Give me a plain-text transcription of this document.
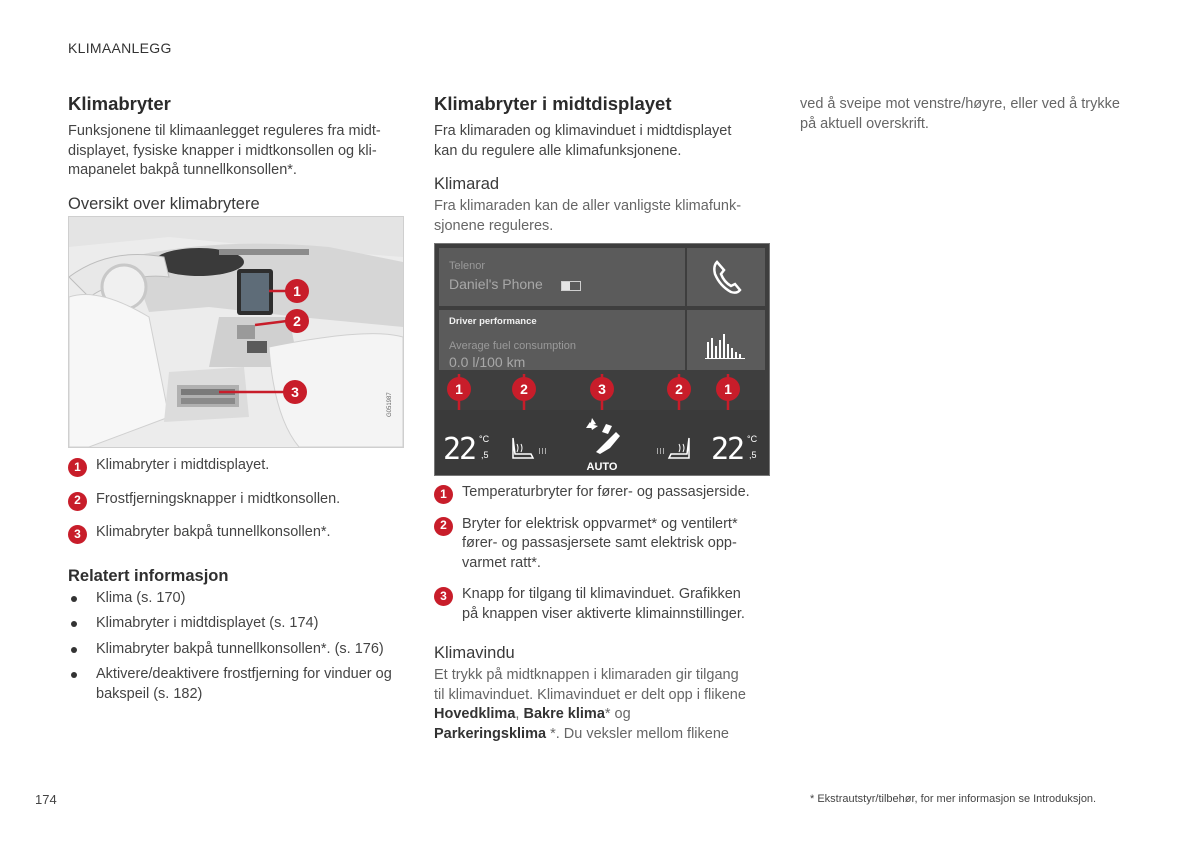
KLIMAANLEGG
Klimabryter

Funksjonene til klimaanlegget reguleres fra midt-

displayet, fysiske knapper i midtkonsollen og kli-

mapanelet bakpå tunnellkonsollen*.

Oversikt over klimabrytere
G051987
1
2
3
1	Klimabryter i midtdisplayet.
2	Frostfjerningsknapper i midtkonsollen.
3	Klimabryter bakpå tunnellkonsollen*.
Relatert informasjon
Klima (s. 170)
Klimabryter i midtdisplayet (s. 174)
Klimabryter bakpå tunnellkonsollen*. (s. 176)
Aktivere/deaktivere frostfjerning for vinduer og bakspeil (s. 182)
Klimabryter i midtdisplayet

Fra klimaraden og klimavinduet i midtdisplayet

kan du regulere alle klimafunksjonene.

Klimarad

Fra klimaraden kan de aller vanligste klimafunk-

sjonene reguleres.

Telenor
Daniel's Phone
Driver performance
Average fuel consumption
0.0 l/100 km
1	2	3	2	1
22 °C
,5
AUTO	22 °C
,5
1	Temperaturbryter for fører- og passasjerside.
2	Bryter for elektrisk oppvarmet* og ventilert*
fører- og passasjersete samt elektrisk opp-
varmet ratt*.
3	Knapp for tilgang til klimavinduet. Grafikken
på knappen viser aktiverte klimainnstillinger.
Klimavindu

Et trykk på midtknappen i klimaraden gir tilgang

til klimavinduet. Klimavinduet er delt opp i flikene

Hovedklima, Bakre klima* og

Parkeringsklima *. Du veksler mellom flikene

ved å sveipe mot venstre/høyre, eller ved å trykke

på aktuell overskrift.

174	* Ekstrautstyr/tilbehør, for mer informasjon se Introduksjon.
